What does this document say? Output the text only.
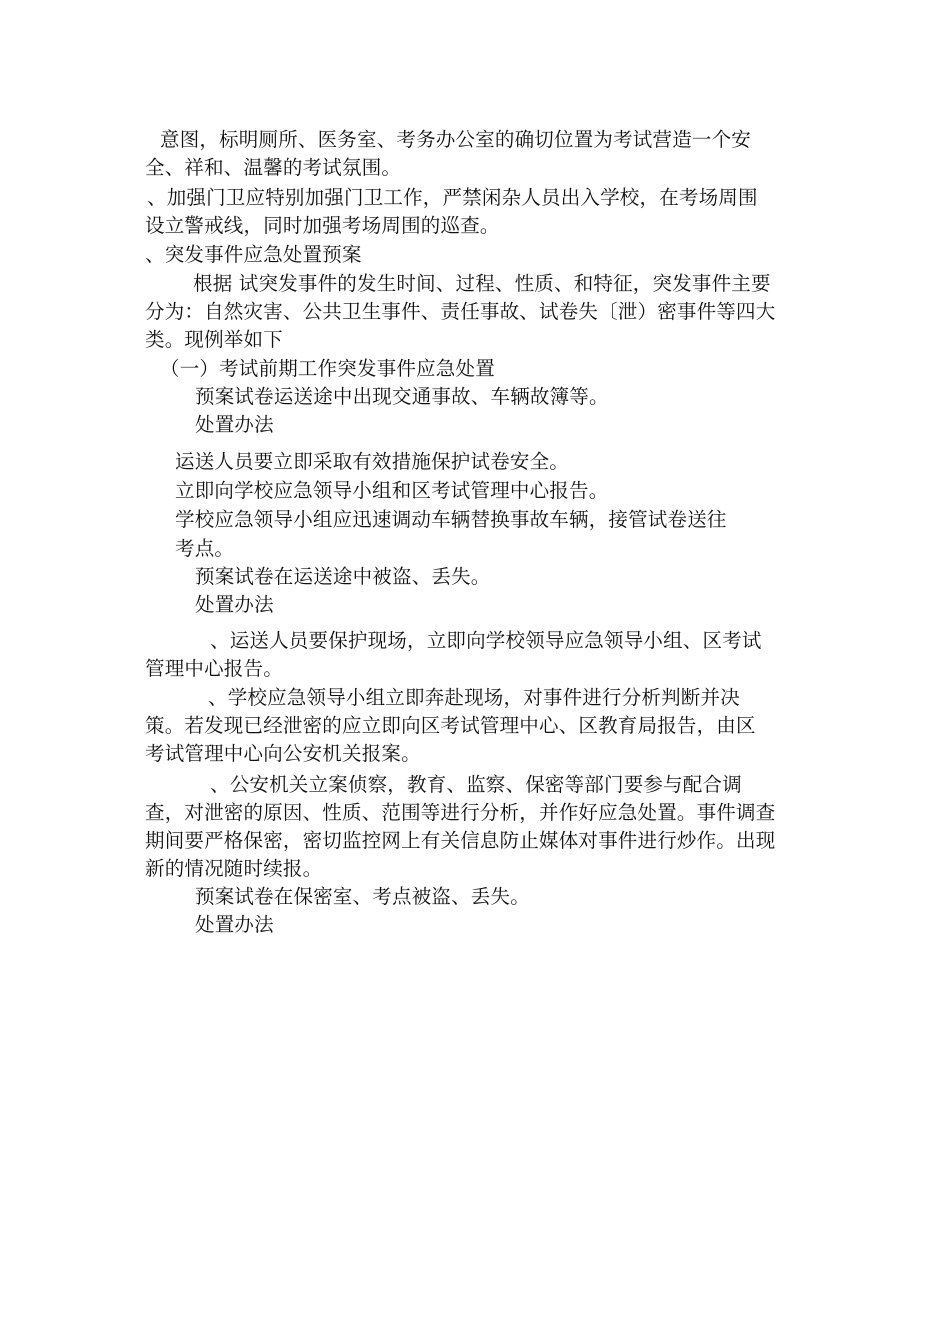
意图，标明厕所、医务室、考务办公室的确切位置为考试营造一个安
全、祥和、温馨的考试氛围。
、加强门卫应特别加强门卫工作，严禁闲杂人员出入学校，在考场周围
设立警戒线，同时加强考场周围的巡查。
、突发事件应急处置预案
根据 试突发事件的发生时间、过程、性质、和特征，突发事件主要
分为：自然灾害、公共卫生事件、责任事故、试卷失〔泄）密事件等四大
类。现例举如下
（一）考试前期工作突发事件应急处置
预案试卷运送途中出现交通事故、车辆故簿等。
处置办法
运送人员要立即采取有效措施保护试卷安全。
立即向学校应急领导小组和区考试管理中心报告。
学校应急领导小组应迅速调动车辆替换事故车辆，接管试卷送往
考点。
预案试卷在运送途中被盗、丢失。
处置办法
、运送人员要保护现场，立即向学校领导应急领导小组、区考试
管理中心报告。
、学校应急领导小组立即奔赴现场，对事件进行分析判断并决
策。若发现已经泄密的应立即向区考试管理中心、区教育局报告，由区
考试管理中心向公安机关报案。
、公安机关立案侦察，教育、监察、保密等部门要参与配合调
查，对泄密的原因、性质、范围等进行分析，并作好应急处置。事件调查
期间要严格保密，密切监控网上有关信息防止媒体对事件进行炒作。出现
新的情况随时续报。
预案试卷在保密室、考点被盗、丢失。
处置办法
